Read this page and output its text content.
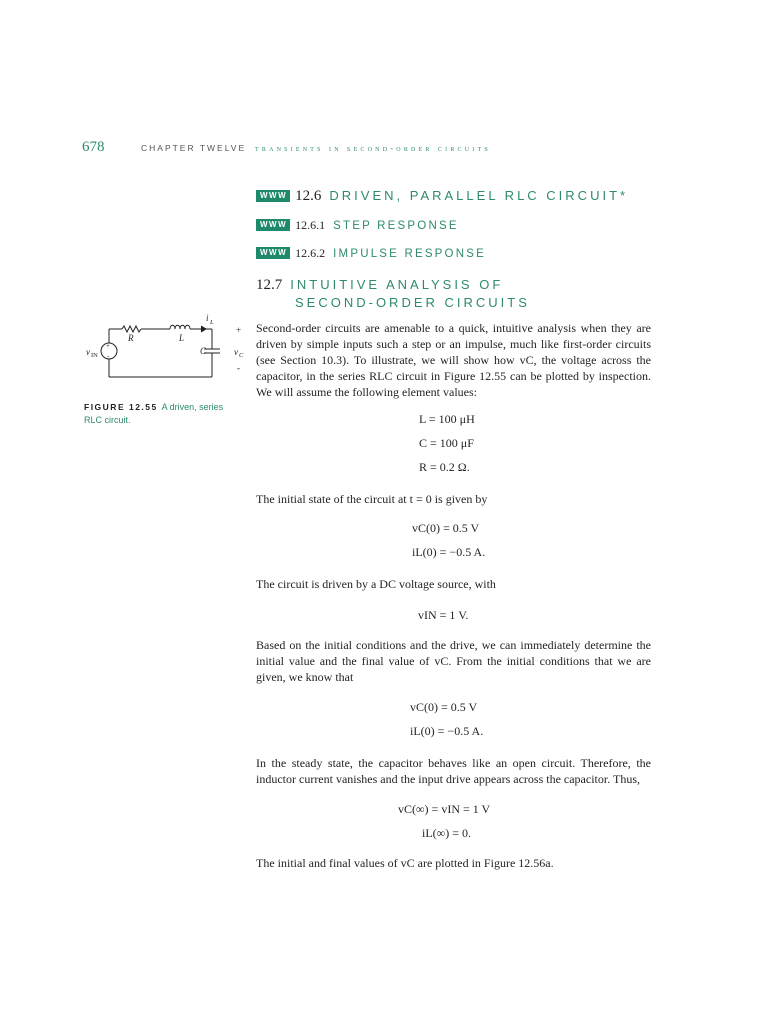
678	CHAPTER TWELVE transients in second-order circuits
WWW 12.6 DRIVEN, PARALLEL RLC CIRCUIT*
WWW 12.6.1 STEP RESPONSE
WWW 12.6.2 IMPULSE RESPONSE
12.7 INTUITIVE ANALYSIS OF
SECOND-ORDER CIRCUITS
i L
R	L
C
+
v C
-
+
-
v IN
FIGURE 12.55 A driven, series
RLC circuit.
Second-order circuits are amenable to a quick, intuitive analysis when they are driven by simple inputs such a step or an impulse, much like first-order circuits (see Section 10.3). To illustrate, we will show how vC, the voltage across the capacitor, in the series RLC circuit in Figure 12.55 can be plotted by inspection. We will assume the following element values:
L = 100 μH
C = 100 μF
R = 0.2 Ω.
The initial state of the circuit at t = 0 is given by
vC(0) = 0.5 V
iL(0) = −0.5 A.
The circuit is driven by a DC voltage source, with
vIN = 1 V.
Based on the initial conditions and the drive, we can immediately determine the initial value and the final value of vC. From the initial conditions that we are given, we know that
vC(0) = 0.5 V
iL(0) = −0.5 A.
In the steady state, the capacitor behaves like an open circuit. Therefore, the inductor current vanishes and the input drive appears across the capacitor. Thus,
vC(∞) = vIN = 1 V
iL(∞) = 0.
The initial and final values of vC are plotted in Figure 12.56a.
